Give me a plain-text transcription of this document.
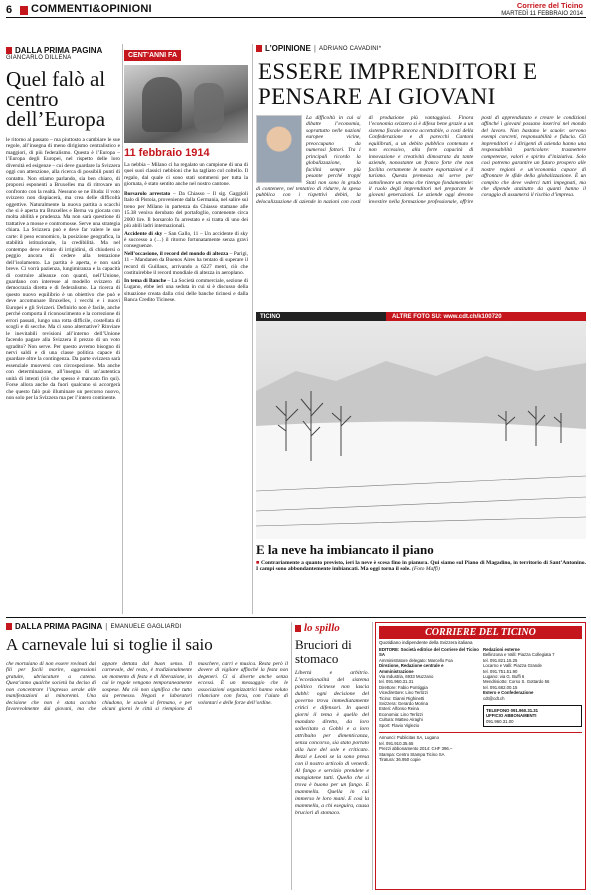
6 COMMENTI&OPINIONI	Corriere del Ticino
MARTEDÌ 11 FEBBRAIO 2014
DALLA PRIMA PAGINA
GIANCARLO DILLENA
Quel falò al centro dell’Europa
le ritorno al passato – ma piuttosto a cambiare le sue regole, all’insegna di meno dirigismo centralistico e maggiori, di più federalismo. Questa è l’Europa – l’Europa degli Europei, nel rispetto delle loro diversità ed esigenze – cui deve guardare la Svizzera oggi con attenzione, alla ricerca di possibili punti di contatto. Non stiamo parlando, sia ben chiaro, di proporsi esponenti a Bruxelles ma di ritrovare un confronto con la realtà. Nessuno se ne illuda: il voto svizzero non dispiacerà, ma crea delle difficoltà oggettive. Naturalmente la nuova partita a scacchi che si è aperta tra Bruxelles e Berna va giocata con molta abilità e prudenza. Ma non sarà questione di trattative a mosse e contromosse. Serve una strategia chiara. La Svizzera può e deve far valere le sue carte: il peso economico, la posizione geografica, la stabilità istituzionale, la credibilità. Ma nel contempo deve evitare di irrigidirsi, di chiudersi o peggio ancora di cedere alla tentazione dell’isolamento. La partita è aperta, e non sarà breve. Ci vorrà pazienza, lungimiranza e la capacità di costruire alleanze con quanti, nell’Unione, guardano con interesse al modello svizzero di democrazia diretta e di federalismo. La ricerca di questo nuovo equilibrio è un obiettivo che può e deve accomunare Bruxelles, i vecchi e i nuovi Europei e gli Svizzeri. Definirlo non è facile, anche perché comporta il riconoscimento e la correzione di errori passati, lungo una rotta difficile, costellata di scogli e di secche. Ma ci sono alternative? Rinviare le inevitabili revisioni all’interno dell’Unione facendo pagare alla Svizzera il prezzo di un voto sgradito? Non serve. Per questo avremo bisogno di nervi saldi e di una classe politica capace di guardare oltre la contingenza. Da parte svizzera sarà essenziale muoversi con circospezione. Ma anche con determinazione, all’insegna di un’autentica unità di intenti (ciò che spesso è mancato fin qui). Forse allora anche da fuori qualcuno si accorgerà che questo falò può illuminare un percorso nuovo, non solo per la Svizzera ma per l’intero continente.
CENT’ANNI FA
11 febbraio 1914

La nebbia – Milano ci ha regalato un campione di una di quei suoi classici nebbioni che ha tagliato col coltello. Il regalo, dal quale ci sono stati sommersi per tutta la giornata, è stato sentito anche nel nostro cantone.

Borsarolo arrestato – Da Chiasso – Il sig. Gaggioli Italo di Pistoia, proveniente dalla Germania, nel salire sul treno per Milano in partenza da Chiasso stamane alle 15.38 veniva derubato del portafoglio, contenente circa 2000 lire. Il borsarolo fu arrestato e si tratta di uno dei più abili ladri internazionali.

Accidente di sky – San Gallo, 11 – Un accidente di sky è successo a (…) il ritorno fortunatamente senza gravi conseguenze.

Nell’occasione, il record del mondo di altezza – Parigi, 11 – Mandanen da Buenos Aires ha tentato di superare il record di Guillaux, arrivando a 6227 metri, ciò che costituirebbe il record mondiale di altezza in aeroplano.

In tema di Banche – La Società commerciale, sezione di Lugano, ebbe ieri una seduta in cui si è discusso della situazione creata dalla crisi delle banche ticinesi e dalla Banca Credito Ticinese.

L’OPINIONE | ADRIANO CAVADINI*
ESSERE IMPRENDITORI E PENSARE AI GIOVANI
La difficoltà in cui si dibatte l’economia, soprattutto nelle nazioni europee vicine, preoccupano da numerosi fattori. Tra i principali ricordo la globalizzazione, la facilità sempre più pesante perché troppi Stati non sono in grado di contenere, nel tentativo di ridurre, la spesa pubblica con i rispettivi debiti, la delocalizzazione di aziende in nazioni con costi di produzione più vantaggiosi. Finora l’economia svizzera si è difesa bene grazie a un sistema fiscale ancora accettabile, a costi della Confederazione e di parecchi Cantoni equilibrati, a un debito pubblico contenuto e non eccessivo, alla forte capacità di innovazione e creatività dimostrata da tante aziende, nonostante un franco forte che non facilita certamente le nostre esportazioni e il turismo. Questa premessa mi serve per sottolineare un tema che ritengo fondamentale: il ruolo degli imprenditori nel preparare le giovani generazioni. Le aziende oggi devono investire nella formazione professionale, offrire posti di apprendistato e creare le condizioni affinché i giovani possano inserirsi nel mondo del lavoro. Non bastano le scuole: servono esempi concreti, responsabilità e fiducia. Gli imprenditori e i dirigenti di azienda hanno una responsabilità particolare: trasmettere competenze, valori e spirito d’iniziativa. Solo così potremo garantire un futuro prospero alle nostre regioni e un’economia capace di affrontare le sfide della globalizzazione. È un compito che deve vederci tutti impegnati, ma che dipende anzitutto da quanti hanno il coraggio di assumersi il rischio d’impresa.
TICINO	ALTRE FOTO SU: www.cdt.ch/k100720
E la neve ha imbiancato il piano
■ Contrariamente a quanto previsto, ieri la neve è scesa fino in pianura. Qui siamo sul Piano di Magadino, in territorio di Sant’Antonino. I campi sono abbondantemente imbiancati. Ma oggi torna il sole. (Foto Maffi)
DALLA PRIMA PAGINA | EMANUELE GAGLIARDI
A carnevale lui si toglie il saio
che mortaiano di non essere rovinati dai fili per facili morire, aggressioni gratuite, ubriacature a catena. Quest’anno qualche società ha deciso di non concentrare l’ingresso serale alle manifestazioni ai minorenni. Una decisione che non è stata accolta favorevolmente dai giovani, ma che appare dettata dal buon senso. Il carnevale, del resto, è tradizionalmente un momento di festa e di liberazione, in cui le regole vengono temporaneamente sospese. Ma ciò non significa che tutto sia permesso. Negozi e laboratori chiudono, le scuole si fermano, e per alcuni giorni le città si riempiono di maschere, carri e musica. Resta però il dovere di vigilare affinché la festa non degeneri. Ci si diverte anche senza eccessi. È un messaggio che le associazioni organizzatrici hanno voluto rilanciare con forza, con l’aiuto di volontari e delle forze dell’ordine.
lo spillo
Bruciori di stomaco
Libertà e arbitrio. L’eccezionalità del sistema politico ticinese non lascia dubbi: ogni decisione del governo trova immediatamente critici e difensori. In questi giorni il tema è quello del mandato diretto, da loro sollecitato a Gobbi e a loro attribuito per dimenticanza, senza concorso, sia stato portato alla luce del sole e criticato. Bezzi e Leoni se la sono presa con il nostro articolo di venerdì. Al fango e servizio prendete e mangiatene tutti. Quello che si trova è buono per un fango. E mammella. Quella in cui immerso le loro mani. E così la mammella, a chi eseguira, causa bruciori di stomaco.
CORRIERE DEL TICINO
Quotidiano indipendente della Svizzera italiana
EDITORE: Società editrice del Corriere del Ticino SA
Amministratore delegato: Marcello Foa
Direzione, Redazione centrale e Amministrazione
Via Industria, 6933 Muzzano
tel. 091.960.31.31
Direttore: Fabio Pontiggia
Vicedirettore: Lino Terlizzi
Ticino: Gianni Righinetti
Svizzera: Gerardo Morina
Esteri: Alfonso Reina
Economia: Lino Terlizzi
Cultura: Matteo Airaghi
Sport: Flavio Viglezio
Redazioni esterne
Bellinzona e Valli: Piazza Collegiata 7
tel. 091.821.15.25
Locarno e Valli: Piazza Grande
tel. 091.751.51.90
Lugano: via G. Buffi 6
Mendrisiotto: Corso S. Gottardo 56
tel. 091.682.00.15
Estero e Confederazione
cdt@cdt.ch
TELEFONO 091.960.31.31
UFFICIO ABBONAMENTI
091.960.31.00
Annunci: Publicitas SA, Lugano
tel. 091.910.35.65
Prezzi abbonamento 2014: CHF 396.–
Stampa: Centro Stampa Ticino SA
Tiratura: 36.950 copie
